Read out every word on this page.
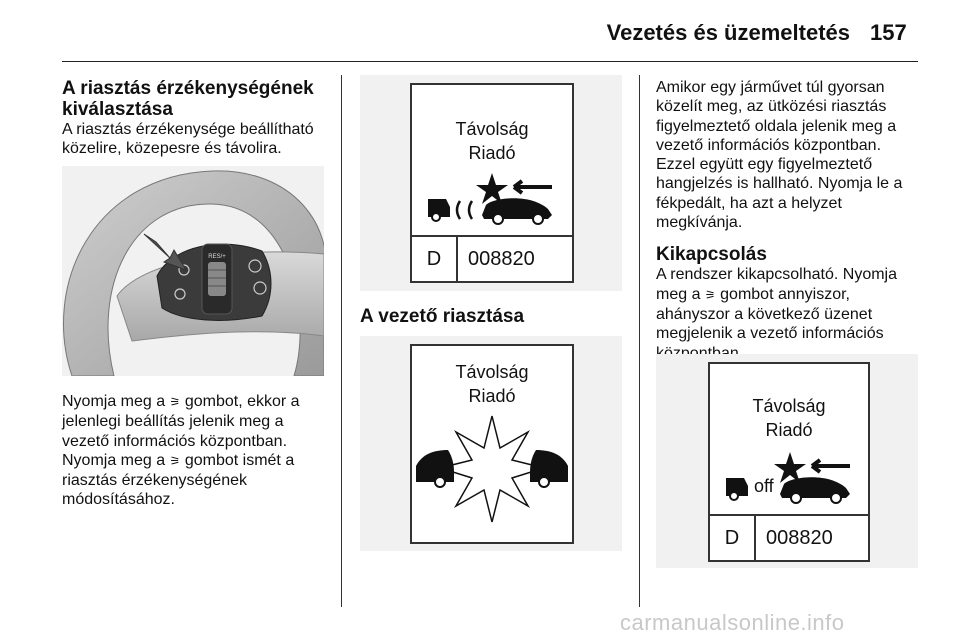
Vezetés és üzemeltetés 157
A riasztás érzékenységének kiválasztása

A riasztás érzékenysége beállítható közelire, közepesre és távolira.

RES/+

Nyomja meg a ⚞ gombot, ekkor a jelenlegi beállítás jelenik meg a vezető információs központban. Nyomja meg a ⚞ gombot ismét a riasztás érzékenységének módosításához.

Távolság
Riadó
D	008820
A vezető riasztása
Távolság
Riadó

Amikor egy járművet túl gyorsan közelít meg, az ütközési riasztás figyelmeztető oldala jelenik meg a vezető információs központban. Ezzel együtt egy figyelmeztető hangjelzés is hallható. Nyomja le a fékpedált, ha azt a helyzet megkívánja.

Kikapcsolás

A rendszer kikapcsolható. Nyomja meg a ⚞ gombot annyiszor, ahányszor a következő üzenet megjelenik a vezető információs

Távolság
Riadó
off
D	008820
carmanualsonline.info
